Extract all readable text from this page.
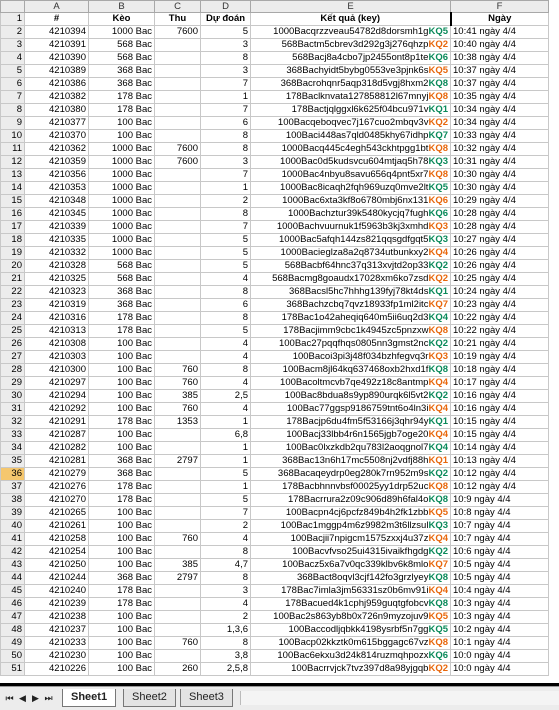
	A	B	C	D	E	F
1	#	Kèo	Thu	Dự đoán	Kết quả (key)	Ngày
2	4210394	1000 Bac	7600	5	1000Bacqrzzveau54782d8dorsmh1gKQ5	10:41 ngày 4/4
3	4210391	568 Bac		3	568Bactm5cbrev3d292g3j276qhzpKQ2	10:40 ngày 4/4
4	4210390	568 Bac		8	568Bacj8a4cbo7jp2455ont8p1teKQ6	10:38 ngày 4/4
5	4210389	368 Bac		3	368Bachyidt5bybg0553ve3pjnk6sKQ5	10:37 ngày 4/4
6	4210386	368 Bac		7	368Bacrohqnr5aqp318d5vgj8hxm2KQ8	10:37 ngày 4/4
7	4210382	178 Bac		1	178Baclknvata127858812l67mnyjKQ8	10:35 ngày 4/4
8	4210380	178 Bac		7	178Bactjqlggxl6k625f04bcu971vKQ1	10:34 ngày 4/4
9	4210377	100 Bac		6	100Bacqeboqvec7j167cuo2mbqv3vKQ2	10:34 ngày 4/4
10	4210370	100 Bac		8	100Baci448as7qld0485khy67idhpKQ7	10:33 ngày 4/4
11	4210362	1000 Bac	7600	8	1000Bacq445c4egh543ckhtpgg1btKQ8	10:32 ngày 4/4
12	4210359	1000 Bac	7600	3	1000Bac0d5kudsvcu604mtjaq5h78KQ3	10:31 ngày 4/4
13	4210356	1000 Bac		7	1000Bac4nbyu8savu656q4pnt5xr7KQ8	10:30 ngày 4/4
14	4210353	1000 Bac		1	1000Bac8icaqh2fqh969uzq0mve2ltKQ5	10:30 ngày 4/4
15	4210348	1000 Bac		2	1000Bac6xta3kf8o6780mbj6nx131KQ6	10:29 ngày 4/4
16	4210345	1000 Bac		8	1000Bachztur39k5480kycjq7fughKQ6	10:28 ngày 4/4
17	4210339	1000 Bac		7	1000Bachvuurnuk1f5963b3kj3xmhdKQ3	10:28 ngày 4/4
18	4210335	1000 Bac		5	1000Bac5afqh144zs821qqsgdfgqt5KQ3	10:27 ngày 4/4
19	4210332	1000 Bac		5	1000Bacieglza8a2q8734utbunkxy2KQ4	10:26 ngày 4/4
20	4210328	568 Bac		5	568Bacbf64hnc37q313xvjtd2op33KQ2	10:26 ngày 4/4
21	4210325	568 Bac		4	568Bacmg8goaudx17028xm6ko7zsdKQ2	10:25 ngày 4/4
22	4210323	368 Bac		8	368Bacsl5hc7hhhg139fyj78kt4dsKQ1	10:24 ngày 4/4
23	4210319	368 Bac		6	368Bachzcbq7qvz18933fp1ml2itcKQ7	10:23 ngày 4/4
24	4210316	178 Bac		8	178Bac1o42aheqiq640m5ii6uq2d3KQ4	10:22 ngày 4/4
25	4210313	178 Bac		5	178Bacjimm9cbc1k4945zc5pnzxwKQ8	10:22 ngày 4/4
26	4210308	100 Bac		4	100Bac27pqqfhqs0805nn3gmst2ncKQ2	10:21 ngày 4/4
27	4210303	100 Bac		4	100Bacoi3pi3j48f034bzhfegvq3rKQ3	10:19 ngày 4/4
28	4210300	100 Bac	760	8	100Bacm8jl64kq637468oxb2hxd1fKQ8	10:18 ngày 4/4
29	4210297	100 Bac	760	4	100Bacoltmcvb7qe492z18c8antmpKQ4	10:17 ngày 4/4
30	4210294	100 Bac	385	2,5	100Bac8bdua8s9yp890urqk6l5vt2KQ2	10:16 ngày 4/4
31	4210292	100 Bac	760	4	100Bac77ggsp9186759tnt6o4ln3iKQ4	10:16 ngày 4/4
32	4210291	178 Bac	1353	1	178Bacjp6du4fm5f53166j3qhr94yKQ1	10:15 ngày 4/4
33	4210287	100 Bac		6,8	100Bacj33lbb4r6n1565jgb7oge20KQ4	10:15 ngày 4/4
34	4210282	100 Bac		1	100Bac0lxzkdb2qu783l2aoqgnol7KQ4	10:14 ngày 4/4
35	4210281	368 Bac	2797	1	368Bac13n6h17mc5508nj2vdfj88hKQ1	10:13 ngày 4/4
36	4210279	368 Bac		5	368Bacaqeydrp0eg280k7rn952m9sKQ2	10:12 ngày 4/4
37	4210276	178 Bac		1	178Bacbhnnvbsf00025yy1drp52ucKQ8	10:12 ngày 4/4
38	4210270	178 Bac		5	178Bacrrura2z09c906d89h6fal4oKQ8	10:9 ngày 4/4
39	4210265	100 Bac		7	100Bacpn4cj6pcfz849b4h2fk1zbbKQ5	10:8 ngày 4/4
40	4210261	100 Bac		2	100Bac1mggp4m6z9982m3t6llzsulKQ3	10:7 ngày 4/4
41	4210258	100 Bac	760	4	100Bacjii7npigcm1575zxxj4u37zKQ4	10:7 ngày 4/4
42	4210254	100 Bac		8	100Bacvfvso25ui4315ivaikfhgdgKQ2	10:6 ngày 4/4
43	4210250	100 Bac	385	4,7	100Bacz5x6a7v0qc339klbv6k8mloKQ7	10:5 ngày 4/4
44	4210244	368 Bac	2797	8	368Bact8oqvl3cjf142fo3grzlyeyKQ8	10:5 ngày 4/4
45	4210240	178 Bac		3	178Bac7imla3jm56331sz0b6mv91iKQ4	10:4 ngày 4/4
46	4210239	178 Bac		4	178Bacued4k1cphj959guqtgfobcvKQ8	10:3 ngày 4/4
47	4210238	100 Bac		2	100Bac2s863yb8b0x726n9myzojuv9KQ5	10:3 ngày 4/4
48	4210237	100 Bac		1,3,6	100Baccodljqbkk4198ysrbf5n7ggKQ5	10:2 ngày 4/4
49	4210233	100 Bac	760	8	100Bacp02kkztk0m615bggagc67vzKQ8	10:1 ngày 4/4
50	4210230	100 Bac		3,8	100Bac6ekxu3d24k814ruzmqhpozxKQ6	10:0 ngày 4/4
51	4210226	100 Bac	260	2,5,8	100Bacrrvjck7tvz397d8a98yjgqbKQ2	10:0 ngày 4/4
⏮ ◀ ▶ ⏭	Sheet1	Sheet2	Sheet3
